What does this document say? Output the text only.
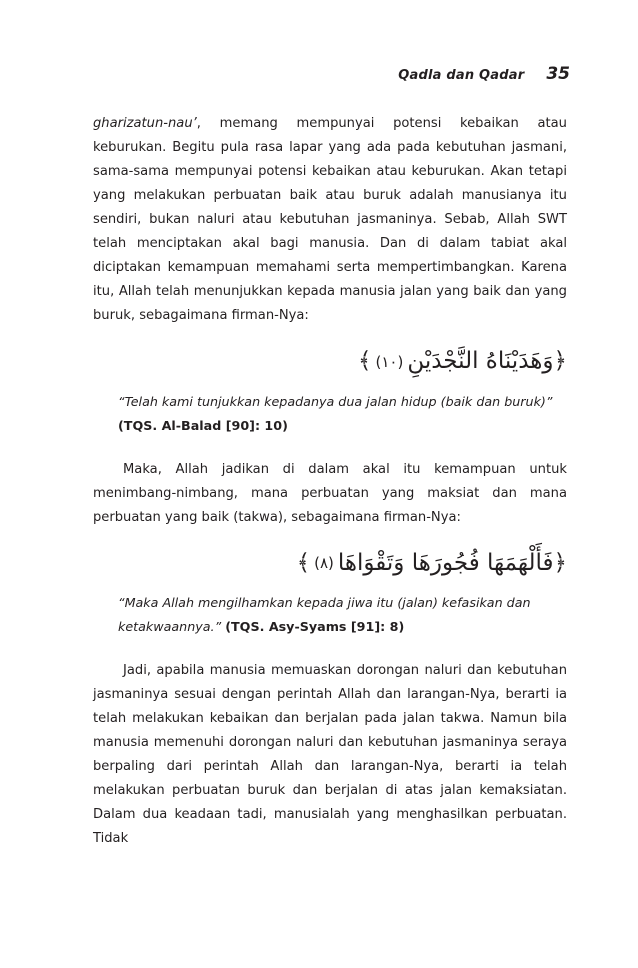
Qadla dan Qadar 35

gharizatun-nau’, memang mempunyai potensi kebaikan atau keburukan. Begitu pula rasa lapar yang ada pada kebutuhan jasmani, sama-sama mempunyai potensi kebaikan atau keburukan. Akan tetapi yang melakukan perbuatan baik atau buruk adalah manusianya itu sendiri, bukan naluri atau kebutuhan jasmaninya. Sebab, Allah SWT telah menciptakan akal bagi manusia. Dan di dalam tabiat akal diciptakan kemampuan memahami serta mempertimbangkan. Karena itu, Allah telah menunjukkan kepada manusia jalan yang baik dan yang buruk, sebagaimana firman-Nya:

﴿وَهَدَيْنَاهُ النَّجْدَيْنِ(١٠)﴾
“Telah kami tunjukkan kepadanya dua jalan hidup (baik dan buruk)” (TQS. Al-Balad [90]: 10)

Maka, Allah jadikan di dalam akal itu kemampuan untuk menimbang-nimbang, mana perbuatan yang maksiat dan mana perbuatan yang baik (takwa), sebagaimana firman-Nya:

﴿فَأَلْهَمَهَا فُجُورَهَا وَتَقْوَاهَا(٨)﴾
“Maka Allah mengilhamkan kepada jiwa itu (jalan) kefasikan dan ketakwaannya.” (TQS. Asy-Syams [91]: 8)

Jadi, apabila manusia memuaskan dorongan naluri dan kebutuhan jasmaninya sesuai dengan perintah Allah dan larangan-Nya, berarti ia telah melakukan kebaikan dan berjalan pada jalan takwa. Namun bila manusia memenuhi dorongan naluri dan kebutuhan jasmaninya seraya berpaling dari perintah Allah dan larangan-Nya, berarti ia telah melakukan perbuatan buruk dan berjalan di atas jalan kemaksiatan. Dalam dua keadaan tadi, manusialah yang menghasilkan perbuatan. Tidak
